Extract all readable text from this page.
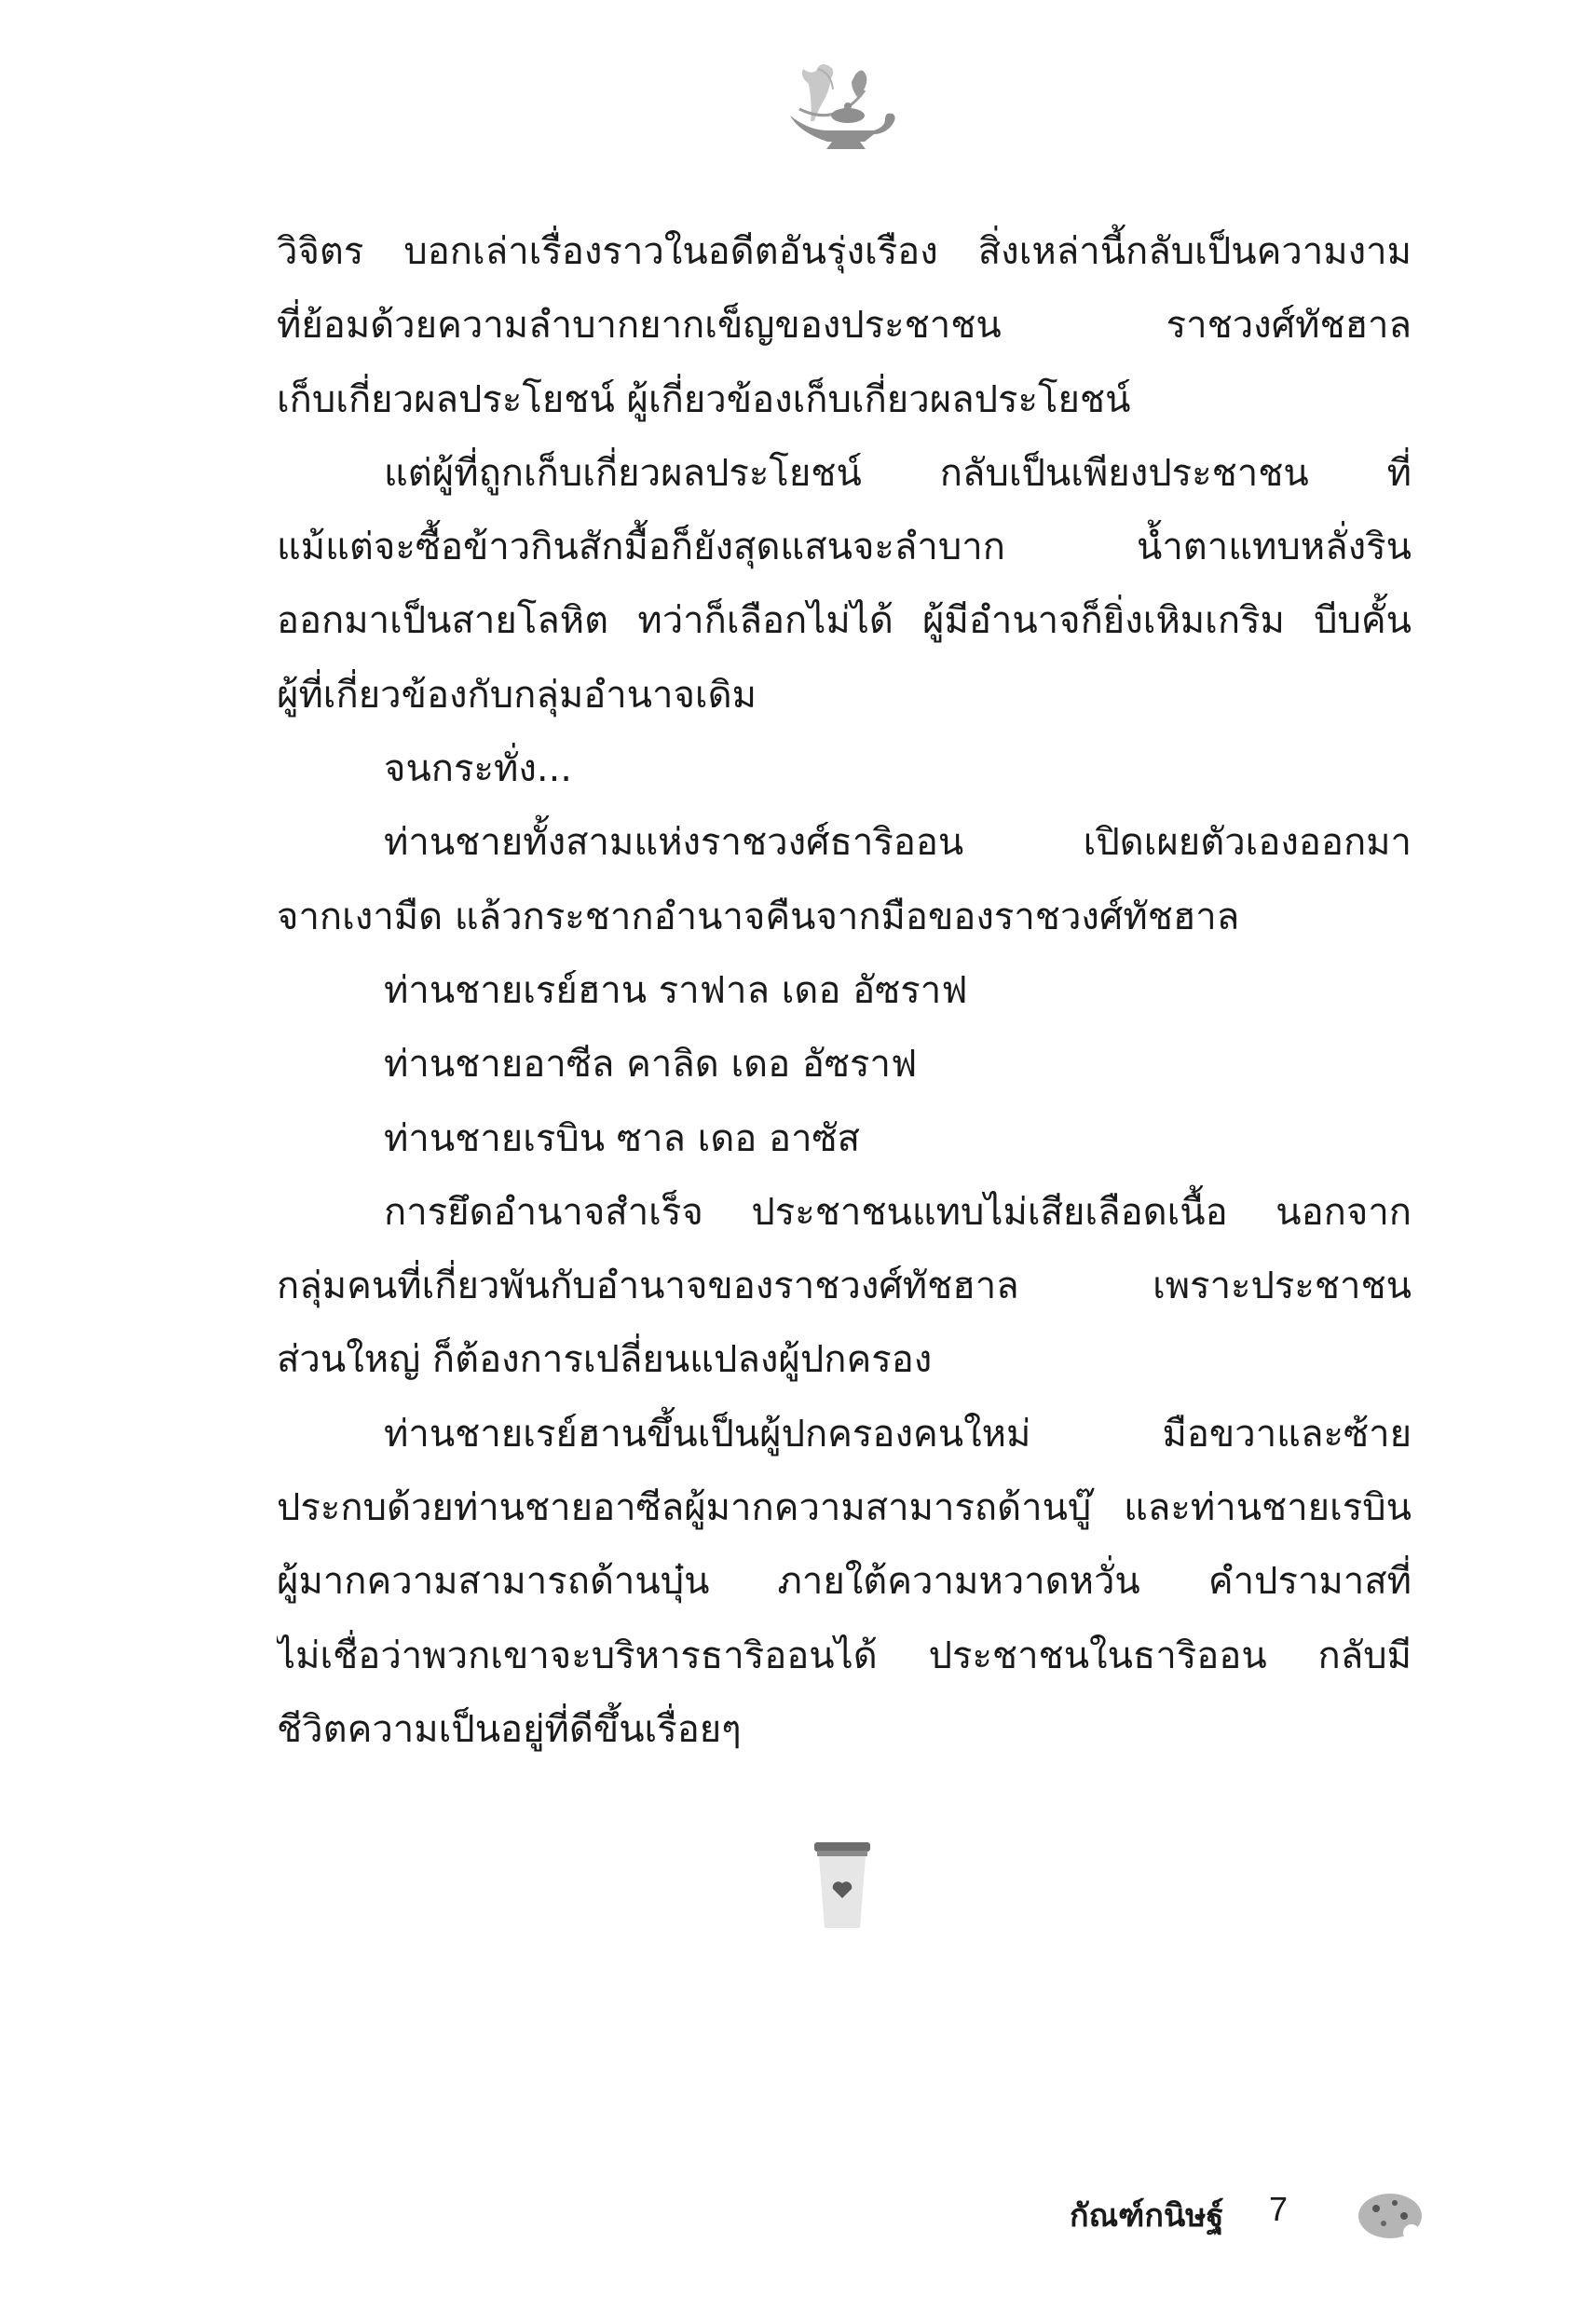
วิจิตร บอกเล่าเรื่องราวในอดีตอันรุ่งเรือง สิ่งเหล่านี้กลับเป็นความงาม
ที่ย้อมด้วยความลำบากยากเข็ญของประชาชน ราชวงศ์ทัชฮาล
เก็บเกี่ยวผลประโยชน์ ผู้เกี่ยวข้องเก็บเกี่ยวผลประโยชน์
แต่ผู้ที่ถูกเก็บเกี่ยวผลประโยชน์ กลับเป็นเพียงประชาชน ที่
แม้แต่จะซื้อข้าวกินสักมื้อก็ยังสุดแสนจะลำบาก น้ำตาแทบหลั่งริน
ออกมาเป็นสายโลหิต ทว่าก็เลือกไม่ได้ ผู้มีอำนาจก็ยิ่งเหิมเกริม บีบคั้น
ผู้ที่เกี่ยวข้องกับกลุ่มอำนาจเดิม
จนกระทั่ง...
ท่านชายทั้งสามแห่งราชวงศ์ธาริออน เปิดเผยตัวเองออกมา
จากเงามืด แล้วกระชากอำนาจคืนจากมือของราชวงศ์ทัชฮาล
ท่านชายเรย์ฮาน ราฟาล เดอ อัซราฟ
ท่านชายอาซีล คาลิด เดอ อัซราฟ
ท่านชายเรบิน ซาล เดอ อาซัส
การยึดอำนาจสำเร็จ ประชาชนแทบไม่เสียเลือดเนื้อ นอกจาก
กลุ่มคนที่เกี่ยวพันกับอำนาจของราชวงศ์ทัชฮาล เพราะประชาชน
ส่วนใหญ่ ก็ต้องการเปลี่ยนแปลงผู้ปกครอง
ท่านชายเรย์ฮานขึ้นเป็นผู้ปกครองคนใหม่ มือขวาและซ้าย
ประกบด้วยท่านชายอาซีลผู้มากความสามารถด้านบู๊ และท่านชายเรบิน
ผู้มากความสามารถด้านบุ๋น ภายใต้ความหวาดหวั่น คำปรามาสที่
ไม่เชื่อว่าพวกเขาจะบริหารธาริออนได้ ประชาชนในธาริออน กลับมี
ชีวิตความเป็นอยู่ที่ดีขึ้นเรื่อยๆ
กัณฑ์กนิษฐ์ 7
